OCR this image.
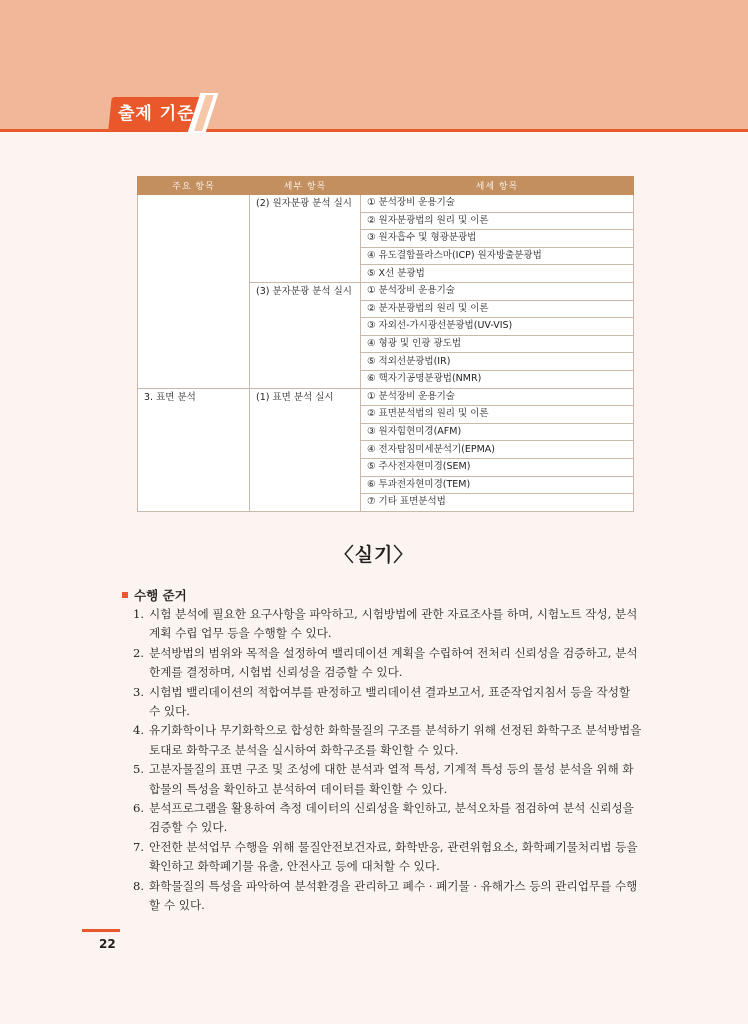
출제 기준
주요 항목	세부 항목	세세 항목
	(2) 원자분광 분석 실시	① 분석장비 운용기술
		② 원자분광법의 원리 및 이론
		③ 원자흡수 및 형광분광법
		④ 유도결합플라스마(ICP) 원자방출분광법
		⑤ X선 분광법
	(3) 분자분광 분석 실시	① 분석장비 운용기술
		② 분자분광법의 원리 및 이론
		③ 자외선-가시광선분광법(UV-VIS)
		④ 형광 및 인광 광도법
		⑤ 적외선분광법(IR)
		⑥ 핵자기공명분광법(NMR)
3. 표면 분석	(1) 표면 분석 실시	① 분석장비 운용기술
		② 표면분석법의 원리 및 이론
		③ 원자힘현미경(AFM)
		④ 전자탐침미세분석기(EPMA)
		⑤ 주사전자현미경(SEM)
		⑥ 투과전자현미경(TEM)
		⑦ 기타 표면분석법
〈실기〉
수행 준거
1. 시험 분석에 필요한 요구사항을 파악하고, 시험방법에 관한 자료조사를 하며, 시험노트 작성, 분석계획 수립 업무 등을 수행할 수 있다.
2. 분석방법의 범위와 목적을 설정하여 밸리데이션 계획을 수립하여 전처리 신뢰성을 검증하고, 분석한계를 결정하며, 시험법 신뢰성을 검증할 수 있다.
3. 시험법 밸리데이션의 적합여부를 판정하고 밸리데이션 결과보고서, 표준작업지침서 등을 작성할 수 있다.
4. 유기화학이나 무기화학으로 합성한 화학물질의 구조를 분석하기 위해 선정된 화학구조 분석방법을 토대로 화학구조 분석을 실시하여 화학구조를 확인할 수 있다.
5. 고분자물질의 표면 구조 및 조성에 대한 분석과 열적 특성, 기계적 특성 등의 물성 분석을 위해 화합물의 특성을 확인하고 분석하여 데이터를 확인할 수 있다.
6. 분석프로그램을 활용하여 측정 데이터의 신뢰성을 확인하고, 분석오차를 점검하여 분석 신뢰성을 검증할 수 있다.
7. 안전한 분석업무 수행을 위해 물질안전보건자료, 화학반응, 관련위험요소, 화학폐기물처리법 등을 확인하고 화학폐기물 유출, 안전사고 등에 대처할 수 있다.
8. 화학물질의 특성을 파악하여 분석환경을 관리하고 폐수 · 폐기물 · 유해가스 등의 관리업무를 수행할 수 있다.
22
